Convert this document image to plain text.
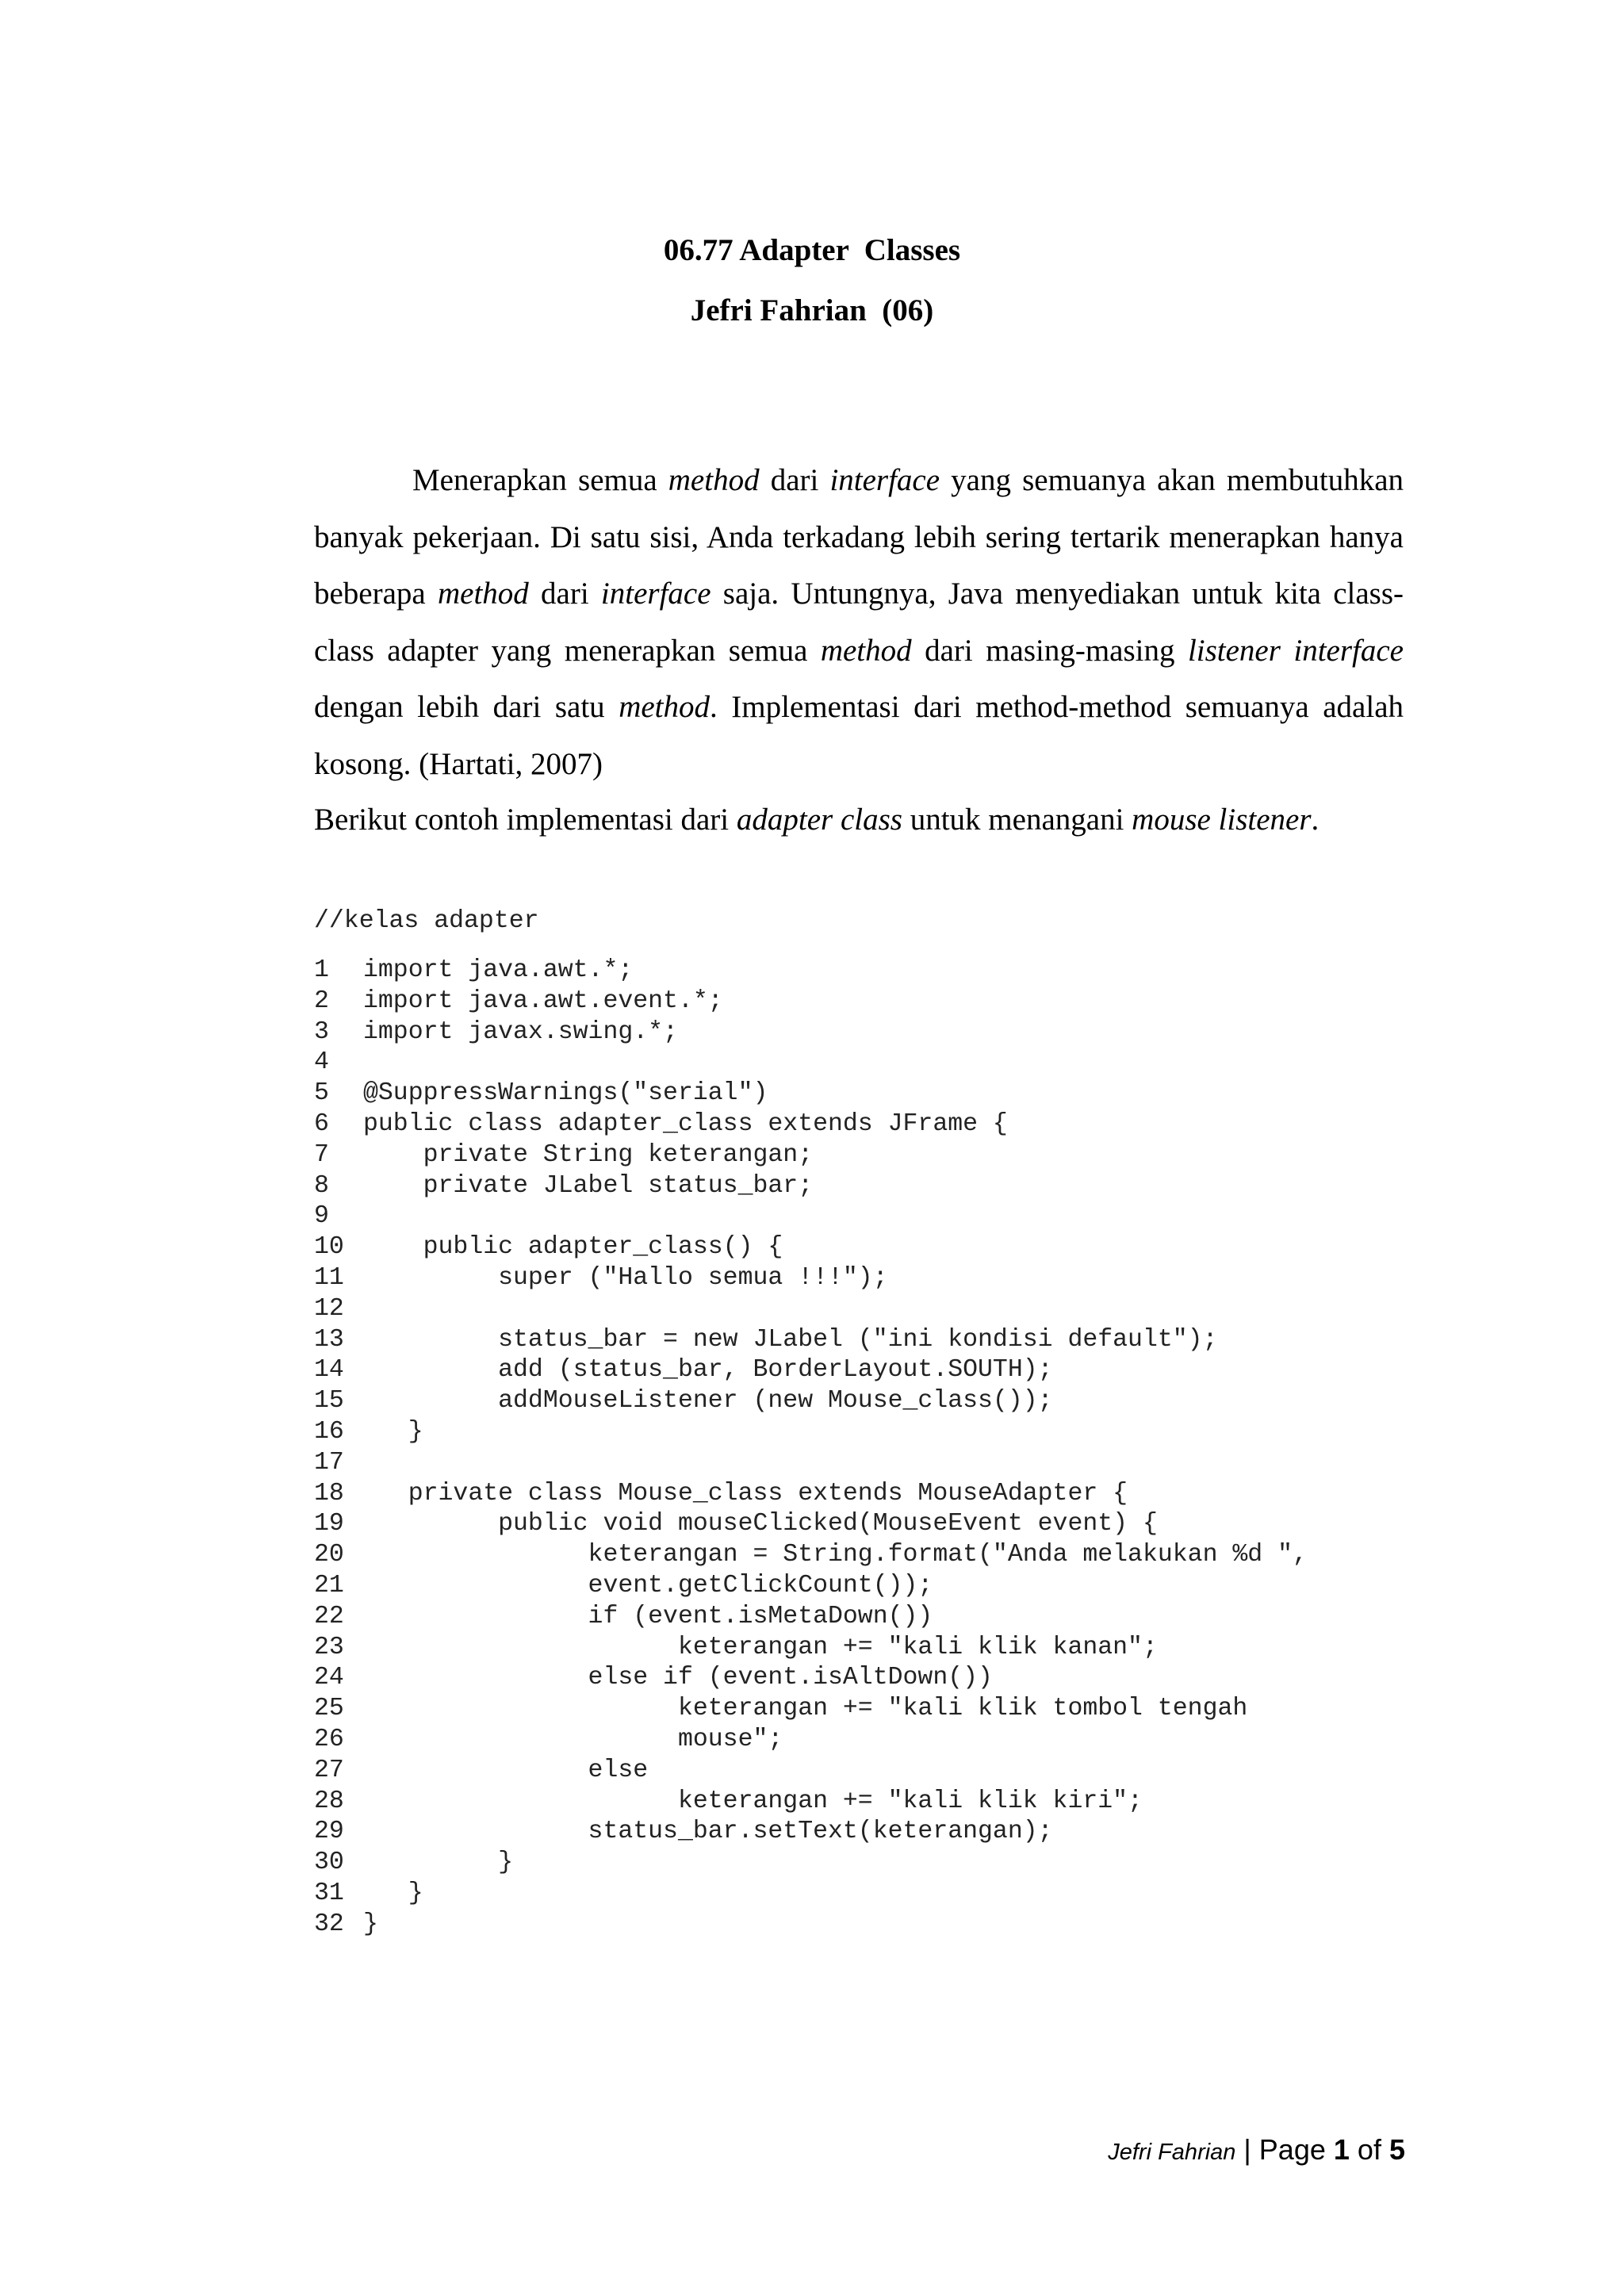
06.77 Adapter  Classes
Jefri Fahrian  (06)
Menerapkan semua method dari interface yang semuanya akan membutuhkan banyak pekerjaan. Di satu sisi, Anda terkadang lebih sering tertarik menerapkan hanya beberapa method dari interface saja. Untungnya, Java menyediakan untuk kita class- class adapter yang menerapkan semua method dari masing-masing listener interface dengan lebih dari satu method. Implementasi dari method-method semuanya adalah kosong. (Hartati, 2007)
Berikut contoh implementasi dari adapter class untuk menangani mouse listener.
//kelas adapter
1 import java.awt.*;
2 import java.awt.event.*;
3 import javax.swing.*;
4
5 @SuppressWarnings("serial")
6 public class adapter_class extends JFrame {
7    private String keterangan;
8    private JLabel status_bar;
9
10    public adapter_class() {
11         super ("Hallo semua !!!");
12
13         status_bar = new JLabel ("ini kondisi default");
14         add (status_bar, BorderLayout.SOUTH);
15         addMouseListener (new Mouse_class());
16   }
17
18   private class Mouse_class extends MouseAdapter {
19         public void mouseClicked(MouseEvent event) {
20               keterangan = String.format("Anda melakukan %d ",
21               event.getClickCount());
22               if (event.isMetaDown())
23                     keterangan += "kali klik kanan";
24               else if (event.isAltDown())
25                     keterangan += "kali klik tombol tengah
26                     mouse";
27               else
28                     keterangan += "kali klik kiri";
29               status_bar.setText(keterangan);
30         }
31   }
32 }
Jefri Fahrian | Page 1 of 5
